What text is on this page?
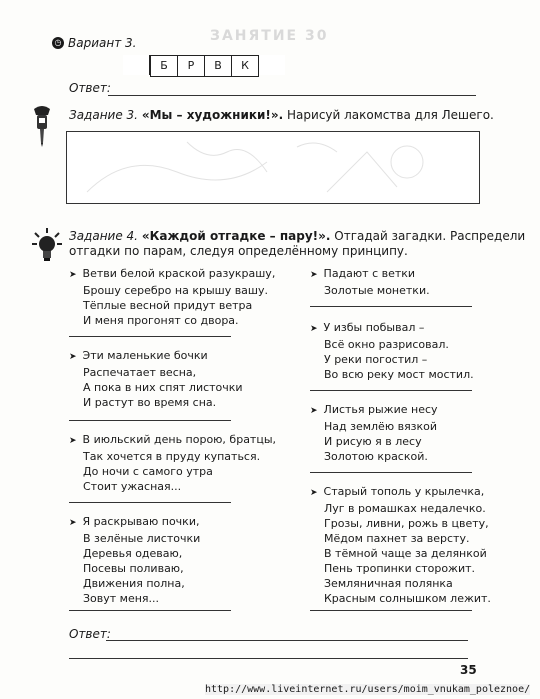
ЗАНЯТИЕ 30
◷ Вариант 3.
Б	Р	В	К
Ответ:
Задание 3. «Мы – художники!». Нарисуй лакомства для Лешего.
Задание 4. «Каждой отгадке – пару!». Отгадай загадки. Распредели
отгадки по парам, следуя определённому принципу.
➤ Ветви белой краской разукрашу,
Брошу серебро на крышу вашу.
Тёплые весной придут ветра
И меня прогонят со двора.
➤ Эти маленькие бочки
Распечатает весна,
А пока в них спят листочки
И растут во время сна.
➤ В июльский день порою, братцы,
Так хочется в пруду купаться.
До ночи с самого утра
Стоит ужасная...
➤ Я раскрываю почки,
В зелёные листочки
Деревья одеваю,
Посевы поливаю,
Движения полна,
Зовут меня...
➤ Падают с ветки
Золотые монетки.
➤ У избы побывал –
Всё окно разрисовал.
У реки погостил –
Во всю реку мост мостил.
➤ Листья рыжие несу
Над землёю вязкой
И рисую я в лесу
Золотою краской.
➤ Старый тополь у крылечка,
Луг в ромашках недалечко.
Грозы, ливни, рожь в цвету,
Мёдом пахнет за версту.
В тёмной чаще за делянкой
Пень тропинки сторожит.
Земляничная полянка
Красным солнышком лежит.
Ответ:
35
http://www.liveinternet.ru/users/moim_vnukam_poleznoe/
